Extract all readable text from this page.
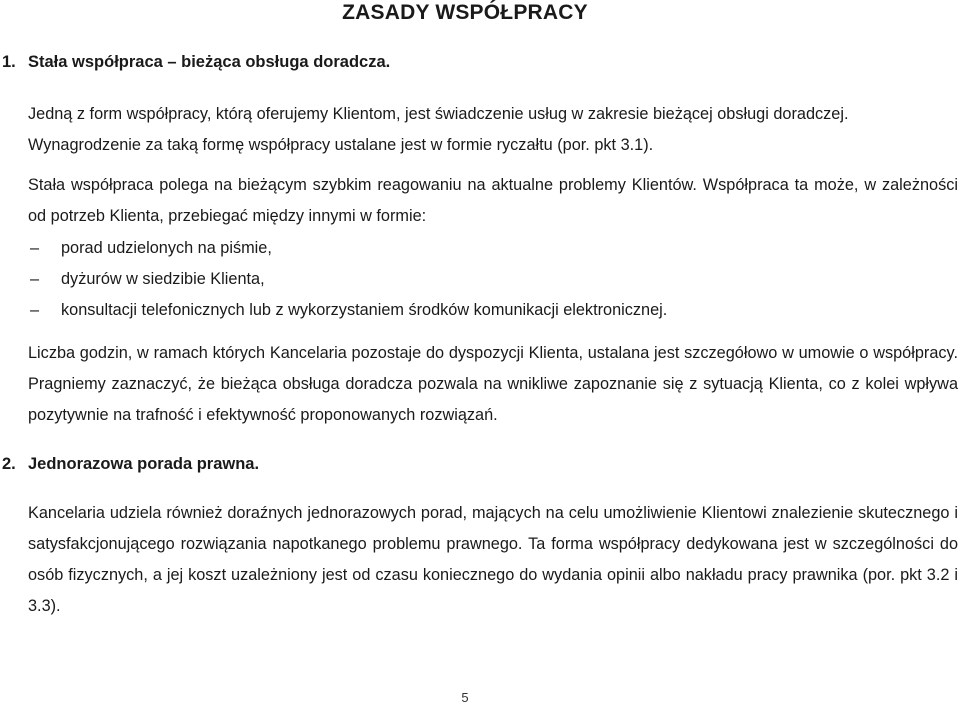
ZASADY WSPÓŁPRACY
1. Stała współpraca – bieżąca obsługa doradcza.

Jedną z form współpracy, którą oferujemy Klientom, jest świadczenie usług w zakresie bieżącej obsługi doradczej. Wynagrodzenie za taką formę współpracy ustalane jest w formie ryczałtu (por. pkt 3.1).

Stała współpraca polega na bieżącym szybkim reagowaniu na aktualne problemy Klientów. Współpraca ta może, w zależności od potrzeb Klienta, przebiegać między innymi w formie:

– porad udzielonych na piśmie,
– dyżurów w siedzibie Klienta,
– konsultacji telefonicznych lub z wykorzystaniem środków komunikacji elektronicznej.

Liczba godzin, w ramach których Kancelaria pozostaje do dyspozycji Klienta, ustalana jest szczegółowo w umowie o współpracy. Pragniemy zaznaczyć, że bieżąca obsługa doradcza pozwala na wnikliwe zapoznanie się z sytuacją Klienta, co z kolei wpływa pozytywnie na trafność i efektywność proponowanych rozwiązań.

2. Jednorazowa porada prawna.

Kancelaria udziela również doraźnych jednorazowych porad, mających na celu umożliwienie Klientowi znalezienie skutecznego i satysfakcjonującego rozwiązania napotkanego problemu prawnego. Ta forma współpracy dedykowana jest w szczególności do osób fizycznych, a jej koszt uzależniony jest od czasu koniecznego do wydania opinii albo nakładu pracy prawnika (por. pkt 3.2 i 3.3).

5
